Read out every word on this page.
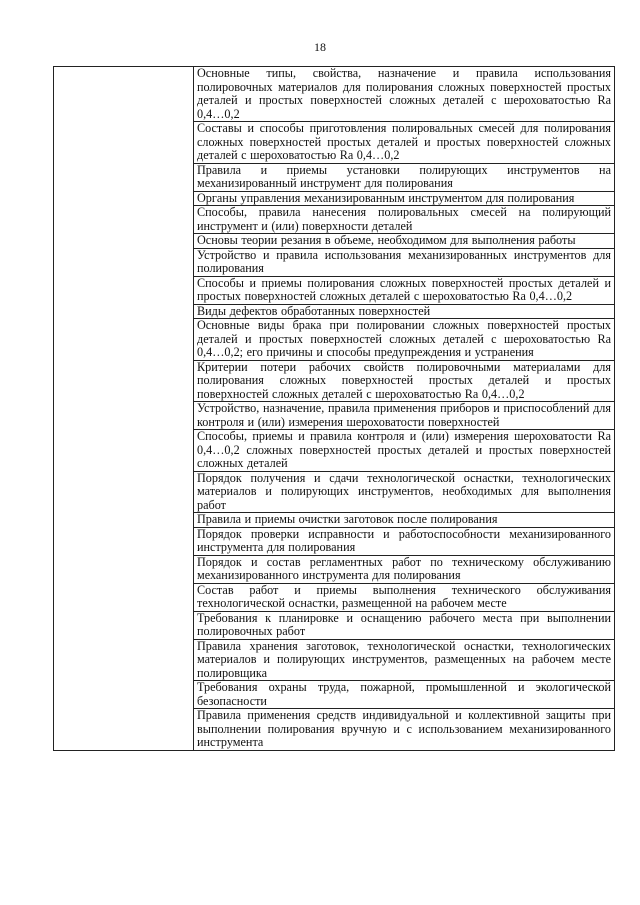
18

Основные типы, свойства, назначение и правила использования полировочных материалов для полирования сложных поверхностей простых деталей и простых поверхностей сложных деталей с шероховатостью Ra 0,4…0,2

Составы и способы приготовления полировальных смесей для полирования сложных поверхностей простых деталей и простых поверхностей сложных деталей с шероховатостью Ra 0,4…0,2

Правила и приемы установки полирующих инструментов на механизированный инструмент для полирования

Органы управления механизированным инструментом для полирования

Способы, правила нанесения полировальных смесей на полирующий инструмент и (или) поверхности деталей

Основы теории резания в объеме, необходимом для выполнения работы

Устройство и правила использования механизированных инструментов для полирования

Способы и приемы полирования сложных поверхностей простых деталей и простых поверхностей сложных деталей с шероховатостью Ra 0,4…0,2

Виды дефектов обработанных поверхностей

Основные виды брака при полировании сложных поверхностей простых деталей и простых поверхностей сложных деталей с шероховатостью Ra 0,4…0,2; его причины и способы предупреждения и устранения

Критерии потери рабочих свойств полировочными материалами для полирования сложных поверхностей простых деталей и простых поверхностей сложных деталей с шероховатостью Ra 0,4…0,2

Устройство, назначение, правила применения приборов и приспособлений для контроля и (или) измерения шероховатости поверхностей

Способы, приемы и правила контроля и (или) измерения шероховатости Ra 0,4…0,2 сложных поверхностей простых деталей и простых поверхностей сложных деталей

Порядок получения и сдачи технологической оснастки, технологических материалов и полирующих инструментов, необходимых для выполнения работ

Правила и приемы очистки заготовок после полирования

Порядок проверки исправности и работоспособности механизированного инструмента для полирования

Порядок и состав регламентных работ по техническому обслуживанию механизированного инструмента для полирования

Состав работ и приемы выполнения технического обслуживания технологической оснастки, размещенной на рабочем месте

Требования к планировке и оснащению рабочего места при выполнении полировочных работ

Правила хранения заготовок, технологической оснастки, технологических материалов и полирующих инструментов, размещенных на рабочем месте полировщика

Требования охраны труда, пожарной, промышленной и экологической безопасности

Правила применения средств индивидуальной и коллективной защиты при выполнении полирования вручную и с использованием механизированного инструмента
